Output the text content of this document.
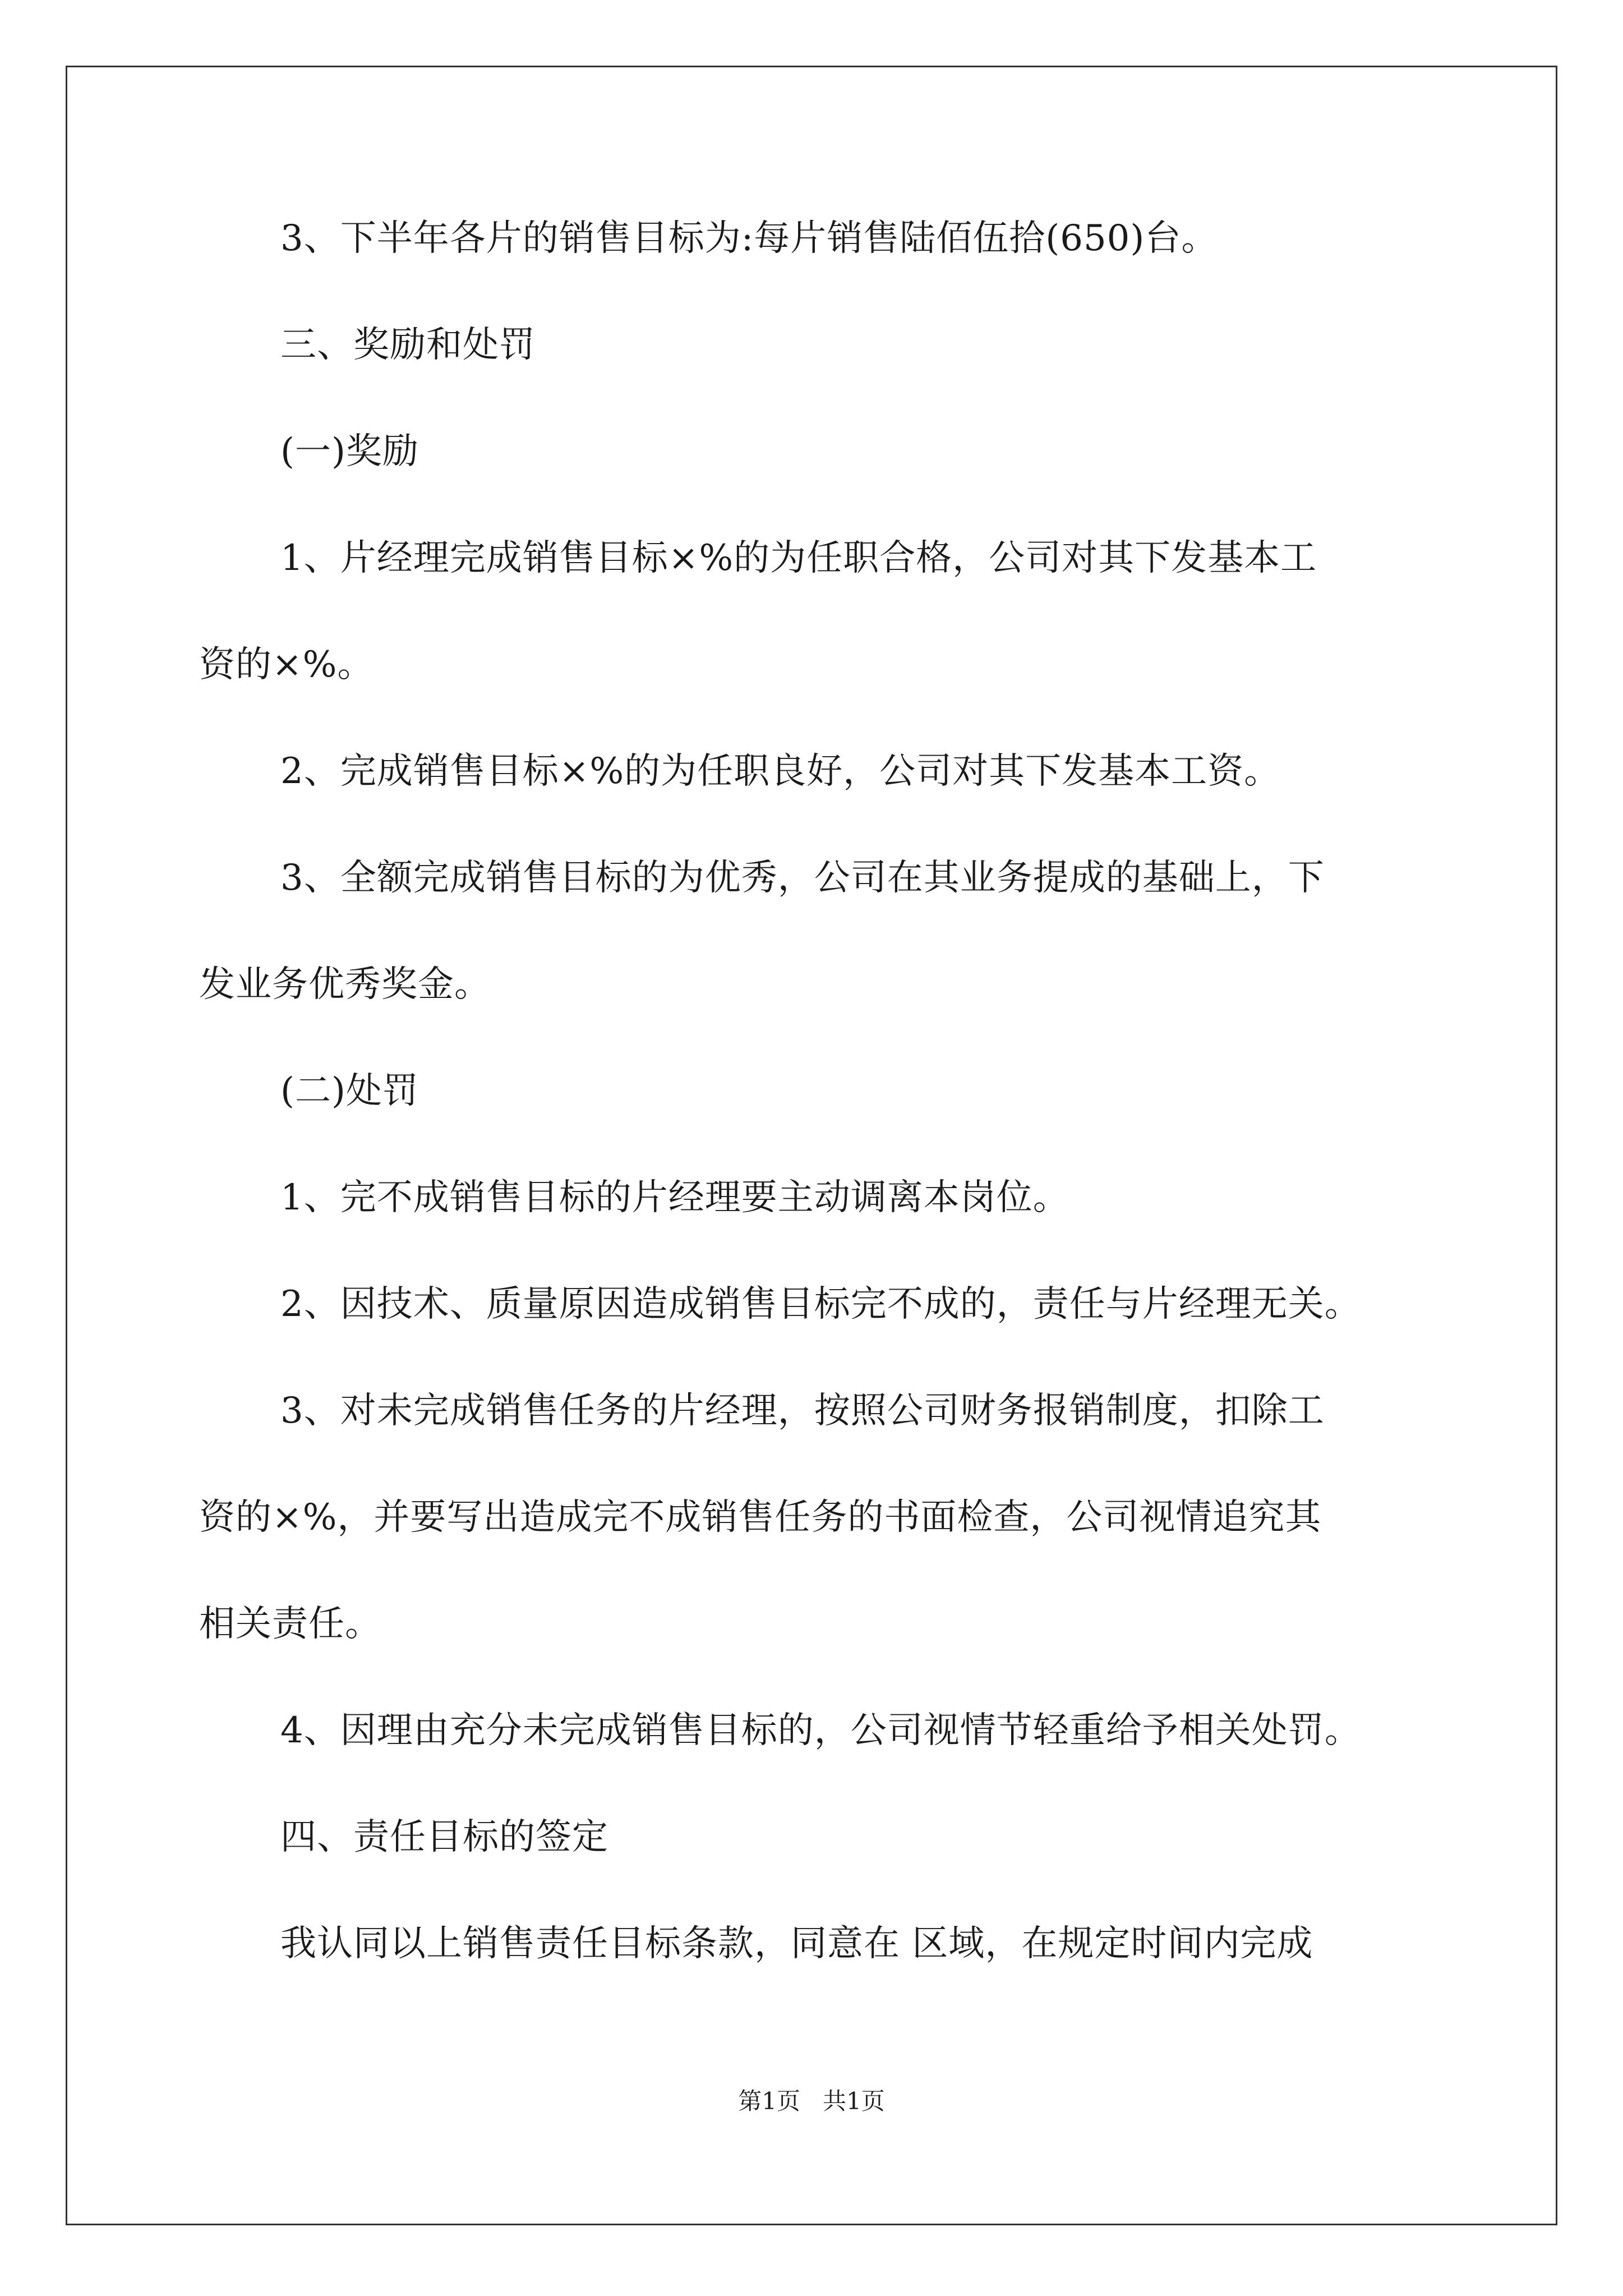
3、下半年各片的销售目标为:每片销售陆佰伍拾(650)台。
三、奖励和处罚
(一)奖励
1、片经理完成销售目标×%的为任职合格，公司对其下发基本工
资的×%。
2、完成销售目标×%的为任职良好，公司对其下发基本工资。
3、全额完成销售目标的为优秀，公司在其业务提成的基础上，下
发业务优秀奖金。
(二)处罚
1、完不成销售目标的片经理要主动调离本岗位。
2、因技术、质量原因造成销售目标完不成的，责任与片经理无关。
3、对未完成销售任务的片经理，按照公司财务报销制度，扣除工
资的×%，并要写出造成完不成销售任务的书面检查，公司视情追究其
相关责任。
4、因理由充分未完成销售目标的，公司视情节轻重给予相关处罚。
四、责任目标的签定
我认同以上销售责任目标条款，同意在 区域，在规定时间内完成
第1页   共1页
